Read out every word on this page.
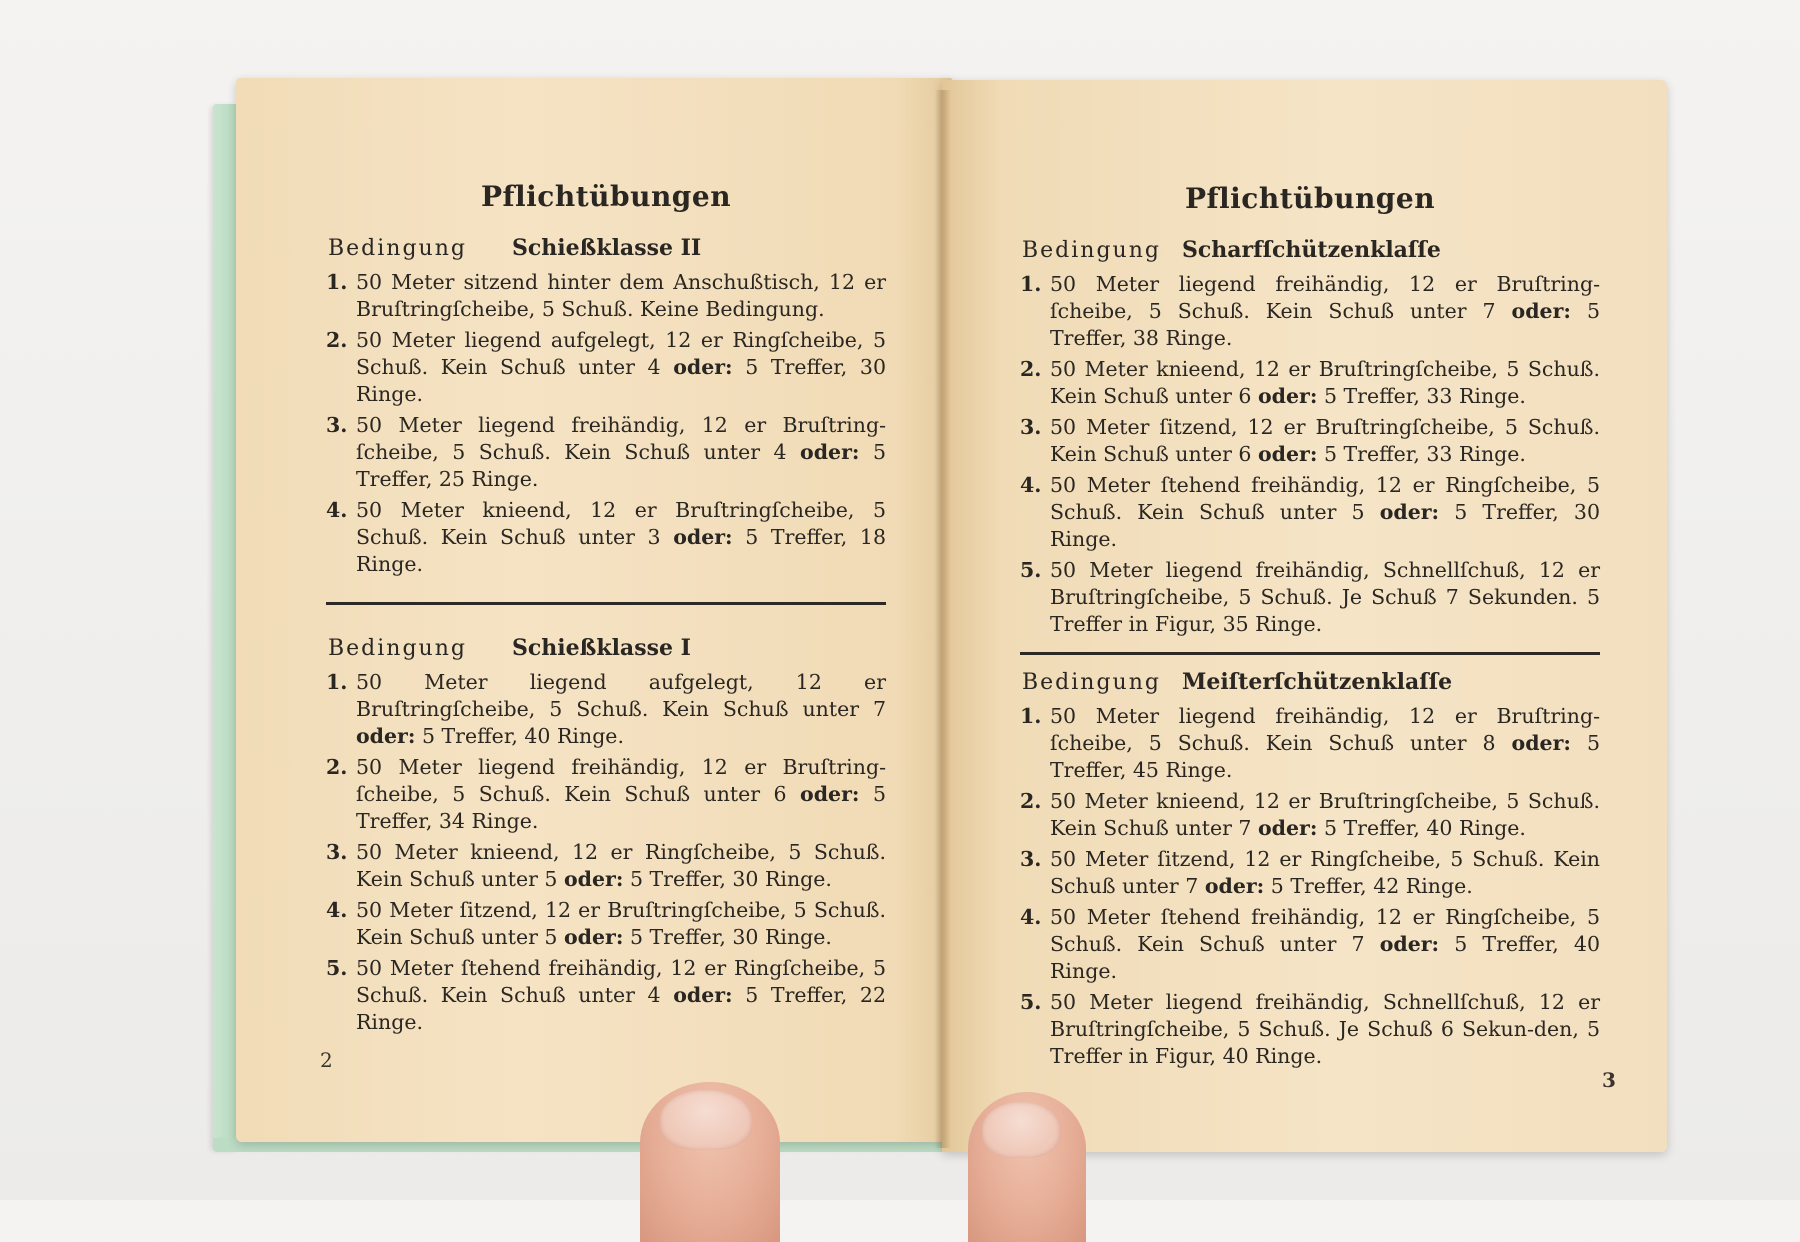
Pflichtübungen
Bedingung Schießklasse II
1. 50 Meter sitzend hinter dem Anschußtisch, 12 er Bruſtringſcheibe, 5 Schuß. Keine Bedingung.
2. 50 Meter liegend aufgelegt, 12 er Ringſcheibe, 5 Schuß. Kein Schuß unter 4 oder: 5 Treffer, 30 Ringe.
3. 50 Meter liegend freihändig, 12 er Bruſtring-ſcheibe, 5 Schuß. Kein Schuß unter 4 oder: 5 Treffer, 25 Ringe.
4. 50 Meter knieend, 12 er Bruſtringſcheibe, 5 Schuß. Kein Schuß unter 3 oder: 5 Treffer, 18 Ringe.
Bedingung Schießklasse I
1. 50 Meter liegend aufgelegt, 12 er Bruſtringſcheibe, 5 Schuß. Kein Schuß unter 7 oder: 5 Treffer, 40 Ringe.
2. 50 Meter liegend freihändig, 12 er Bruſtring-ſcheibe, 5 Schuß. Kein Schuß unter 6 oder: 5 Treffer, 34 Ringe.
3. 50 Meter knieend, 12 er Ringſcheibe, 5 Schuß. Kein Schuß unter 5 oder: 5 Treffer, 30 Ringe.
4. 50 Meter ſitzend, 12 er Bruſtringſcheibe, 5 Schuß. Kein Schuß unter 5 oder: 5 Treffer, 30 Ringe.
5. 50 Meter ſtehend freihändig, 12 er Ringſcheibe, 5 Schuß. Kein Schuß unter 4 oder: 5 Treffer, 22 Ringe.
2
Pflichtübungen
Bedingung Scharfſchützenklaſſe
1. 50 Meter liegend freihändig, 12 er Bruſtring-ſcheibe, 5 Schuß. Kein Schuß unter 7 oder: 5 Treffer, 38 Ringe.
2. 50 Meter knieend, 12 er Bruſtringſcheibe, 5 Schuß. Kein Schuß unter 6 oder: 5 Treffer, 33 Ringe.
3. 50 Meter ſitzend, 12 er Bruſtringſcheibe, 5 Schuß. Kein Schuß unter 6 oder: 5 Treffer, 33 Ringe.
4. 50 Meter ſtehend freihändig, 12 er Ringſcheibe, 5 Schuß. Kein Schuß unter 5 oder: 5 Treffer, 30 Ringe.
5. 50 Meter liegend freihändig, Schnellſchuß, 12 er Bruſtringſcheibe, 5 Schuß. Je Schuß 7 Sekunden. 5 Treffer in Figur, 35 Ringe.
Bedingung Meiſterſchützenklaſſe
1. 50 Meter liegend freihändig, 12 er Bruſtring-ſcheibe, 5 Schuß. Kein Schuß unter 8 oder: 5 Treffer, 45 Ringe.
2. 50 Meter knieend, 12 er Bruſtringſcheibe, 5 Schuß. Kein Schuß unter 7 oder: 5 Treffer, 40 Ringe.
3. 50 Meter ſitzend, 12 er Ringſcheibe, 5 Schuß. Kein Schuß unter 7 oder: 5 Treffer, 42 Ringe.
4. 50 Meter ſtehend freihändig, 12 er Ringſcheibe, 5 Schuß. Kein Schuß unter 7 oder: 5 Treffer, 40 Ringe.
5. 50 Meter liegend freihändig, Schnellſchuß, 12 er Bruſtringſcheibe, 5 Schuß. Je Schuß 6 Sekun-den, 5 Treffer in Figur, 40 Ringe.
3
